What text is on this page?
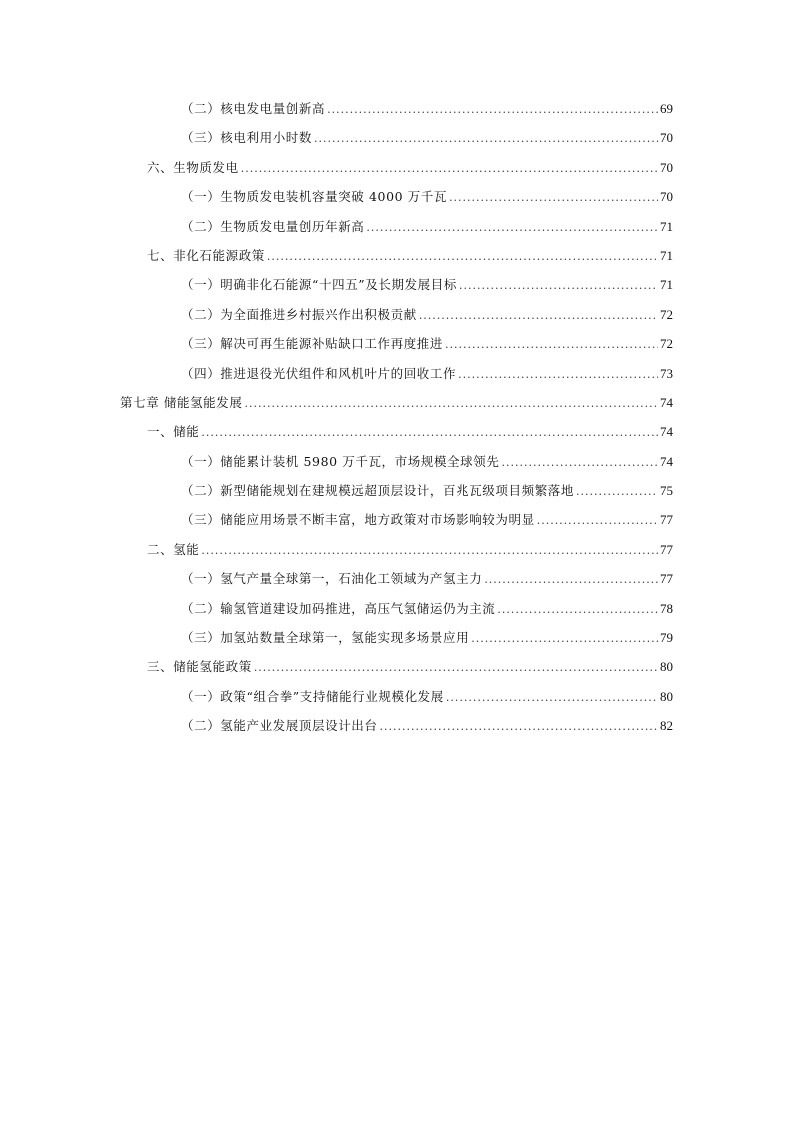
（二）核电发电量创新高 .....	69
（三）核电利用小时数 .....	70
六、生物质发电 .....	70
（一）生物质发电装机容量突破 4000 万千瓦 .....	70
（二）生物质发电量创历年新高 .....	71
七、非化石能源政策 .....	71
（一）明确非化石能源“十四五”及长期发展目标 .....	71
（二）为全面推进乡村振兴作出积极贡献 .....	72
（三）解决可再生能源补贴缺口工作再度推进 .....	72
（四）推进退役光伏组件和风机叶片的回收工作 .....	73
第七章 储能氢能发展 .....	74
一、储能 .....	74
（一）储能累计装机 5980 万千瓦，市场规模全球领先 .....	74
（二）新型储能规划在建规模远超顶层设计，百兆瓦级项目频繁落地 .....	75
（三）储能应用场景不断丰富，地方政策对市场影响较为明显 .....	77
二、氢能 .....	77
（一）氢气产量全球第一，石油化工领域为产氢主力 .....	77
（二）输氢管道建设加码推进，高压气氢储运仍为主流 .....	78
（三）加氢站数量全球第一，氢能实现多场景应用 .....	79
三、储能氢能政策 .....	80
（一）政策“组合拳”支持储能行业规模化发展 .....	80
（二）氢能产业发展顶层设计出台 .....	82
